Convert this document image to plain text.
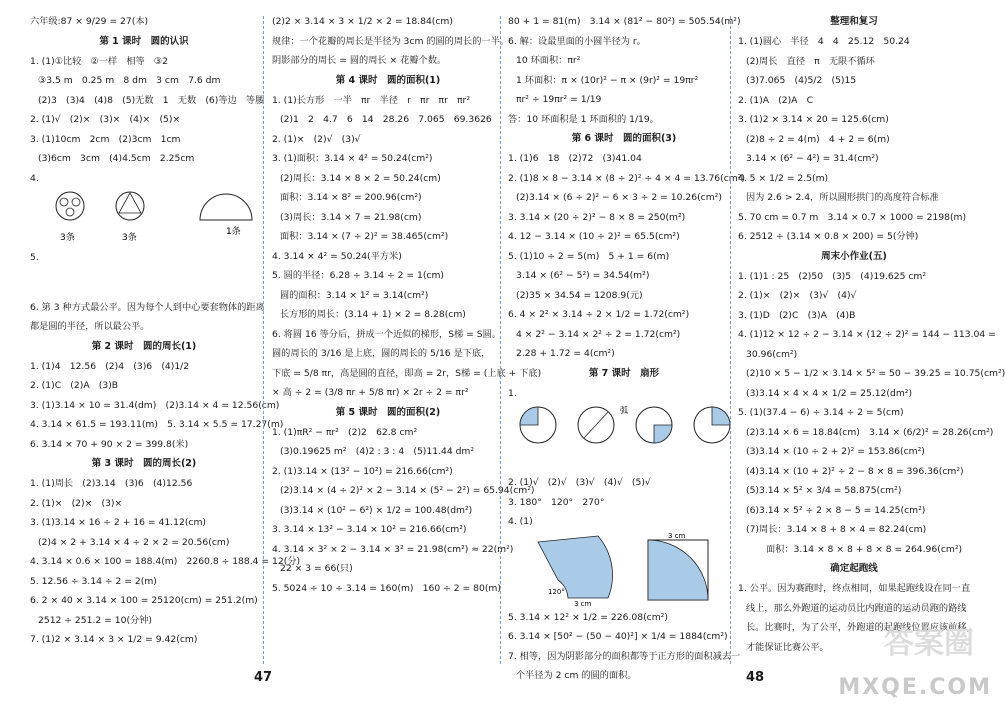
六年级:87 × 9/29 = 27(本)
第 1 课时　圆的认识
1. (1)①比较　②一样　相等　③2
③3.5 m　0.25 m　8 dm　3 cm　7.6 dm
(2)3　(3)4　(4)8　(5)无数　1　无数　(6)等边　等腰
2. (1)√　(2)×　(3)×　(4)×　(5)×
3. (1)10cm　2cm　(2)3cm　1cm
(3)6cm　3cm　(4)4.5cm　2.25cm
4.
3条	3条
1条
5.
6. 第 3 种方式最公平。因为每个人到中心要套物体的距离
都是圆的半径，所以最公平。
第 2 课时　圆的周长(1)
1. (1)4　12.56　(2)4　(3)6　(4)1/2
2. (1)C　(2)A　(3)B
3. (1)3.14 × 10 = 31.4(dm)　(2)3.14 × 4 = 12.56(cm)
4. 3.14 × 61.5 = 193.11(m)　5. 3.14 × 5.5 = 17.27(m)
6. 3.14 × 70 + 90 × 2 = 399.8(米)
第 3 课时　圆的周长(2)
1. (1)周长　(2)3.14　(3)6　(4)12.56
2. (1)×　(2)×　(3)×
3. (1)3.14 × 16 ÷ 2 + 16 = 41.12(cm)
(2)4 × 2 + 3.14 × 4 ÷ 2 × 2 = 20.56(cm)
4. 3.14 × 0.6 × 100 = 188.4(m)　2260.8 ÷ 188.4 = 12(分)
5. 12.56 ÷ 3.14 ÷ 2 = 2(m)
6. 2 × 40 × 3.14 × 100 = 25120(cm) = 251.2(m)
2512 ÷ 251.2 = 10(分钟)
7. (1)2 × 3.14 × 3 × 1/2 = 9.42(cm)
(2)2 × 3.14 × 3 × 1/2 × 2 = 18.84(cm)
规律：一个花瓣的周长是半径为 3cm 的圆的周长的一半。
阴影部分的周长 = 圆的周长 × 花瓣个数。
第 4 课时　圆的面积(1)
1. (1)长方形　一半　πr　半径　r　πr　πr　πr²
(2)1　2　4.7　6　14　28.26　7.065　69.3626
2. (1)×　(2)√　(3)√
3. (1)面积：3.14 × 4² = 50.24(cm²)
(2)周长：3.14 × 8 × 2 = 50.24(cm)
面积：3.14 × 8² = 200.96(cm²)
(3)周长：3.14 × 7 = 21.98(cm)
面积：3.14 × (7 ÷ 2)² = 38.465(cm²)
4. 3.14 × 4² = 50.24(平方米)
5. 圆的半径：6.28 ÷ 3.14 ÷ 2 = 1(cm)
圆的面积：3.14 × 1² = 3.14(cm²)
长方形的周长：(3.14 + 1) × 2 = 8.28(cm)
6. 将圆 16 等分后，拼成一个近似的梯形，S梯 = S圆。
圆的周长的 3/16 是上底，圆的周长的 5/16 是下底，
下底 = 5/8 πr，高是圆的直径，即高 = 2r，S梯 = (上底 + 下底)
× 高 ÷ 2 = (3/8 πr + 5/8 πr) × 2r ÷ 2 = πr²
第 5 课时　圆的面积(2)
1. (1)πR² − πr²　(2)2　62.8 cm²
(3)0.19625 m²　(4)2 : 3 : 4　(5)11.44 dm²
2. (1)3.14 × (13² − 10²) = 216.66(cm²)
(2)3.14 × (4 ÷ 2)² × 2 − 3.14 × (5² − 2²) = 65.94(cm²)
(3)3.14 × (10² − 6²) × 1/2 = 100.48(dm²)
3. 3.14 × 13² − 3.14 × 10² = 216.66(cm²)
4. 3.14 × 3² × 2 − 3.14 × 3² = 21.98(cm²) ≈ 22(m²)
22 × 3 = 66(只)
5. 5024 ÷ 10 ÷ 3.14 = 160(m)　160 ÷ 2 = 80(m)
80 + 1 = 81(m)　3.14 × (81² − 80²) = 505.54(m²)
6. 解：设最里面的小圆半径为 r。
10 环面积：πr²
1 环面积：π × (10r)² − π × (9r)² = 19πr²
πr² ÷ 19πr² = 1/19
答：10 环面积是 1 环面积的 1/19。
第 6 课时　圆的面积(3)
1. (1)6　18　(2)72　(3)41.04
2. (1)8 × 8 − 3.14 × (8 ÷ 2)² ÷ 4 × 4 = 13.76(cm²)
(2)3.14 × (6 ÷ 2)² − 6 × 3 ÷ 2 = 10.26(cm²)
3. 3.14 × (20 ÷ 2)² − 8 × 8 = 250(m²)
4. 12 − 3.14 × (10 ÷ 2)² = 65.5(cm²)
5. (1)10 ÷ 2 = 5(m)　5 + 1 = 6(m)
3.14 × (6² − 5²) = 34.54(m²)
(2)35 × 34.54 = 1208.9(元)
6. 4 × 2² × 3.14 ÷ 2 × 1/2 = 1.72(cm²)
4 × 2² − 3.14 × 2² ÷ 2 = 1.72(cm²)
2.28 + 1.72 = 4(cm²)
第 7 课时　扇形
1.
弧
2. (1)√　(2)√　(3)√　(4)√　(5)√
3. 180°　120°　270°
4. (1)
3 cm
120°
3 cm
5. 3.14 × 12² × 1/2 = 226.08(cm²)
6. 3.14 × [50² − (50 − 40)²] × 1/4 = 1884(cm²)
7. 相等，因为阴影部分的面积都等于正方形的面积减去一
个半径为 2 cm 的圆的面积。
整理和复习
1. (1)圆心　半径　4　4　25.12　50.24
(2)周长　直径　π　无限不循环
(3)7.065　(4)5/2　(5)15
2. (1)A　(2)A　C
3. (1)2 × 3.14 × 20 = 125.6(cm)
(2)8 ÷ 2 = 4(m)　4 + 2 = 6(m)
3.14 × (6² − 4²) = 31.4(cm²)
4. 5 × 1/2 = 2.5(m)
因为 2.6 > 2.4，所以圆形拱门的高度符合标准
5. 70 cm = 0.7 m　3.14 × 0.7 × 1000 = 2198(m)
6. 2512 ÷ (3.14 × 0.8 × 200) = 5(分钟)
周末小作业(五)
1. (1)1 : 25　(2)50　(3)5　(4)19.625 cm²
2. (1)×　(2)×　(3)√　(4)√
3. (1)D　(2)C　(3)A　(4)B
4. (1)12 × 12 ÷ 2 − 3.14 × (12 ÷ 2)² = 144 − 113.04 =
30.96(cm²)
(2)10 × 5 − 1/2 × 3.14 × 5² = 50 − 39.25 = 10.75(cm²)
(3)3.14 × 4 × 4 × 1/2 = 25.12(dm²)
5. (1)(37.4 − 6) ÷ 3.14 ÷ 2 = 5(cm)
(2)3.14 × 6 = 18.84(cm)　3.14 × (6/2)² = 28.26(cm²)
(3)3.14 × (10 ÷ 2 + 2)² = 153.86(cm²)
(4)3.14 × (10 + 2)² ÷ 2 − 8 × 8 = 396.36(cm²)
(5)3.14 × 5² × 3/4 = 58.875(cm²)
(6)3.14 × 5² ÷ 2 × 8 − 5 = 14.25(cm²)
(7)周长：3.14 × 8 + 8 × 4 = 82.24(cm)
面积：3.14 × 8 × 8 + 8 × 8 = 264.96(cm²)
确定起跑线
1. 公平。因为赛跑时，终点相同，如果起跑线设在同一直
线上，那么外跑道的运动员比内跑道的运动员跑的路线
长。比赛时，为了公平，外跑道的起跑线位置应该前移，
才能保证比赛公平。
47	48
答案圈
MXQE.COM
